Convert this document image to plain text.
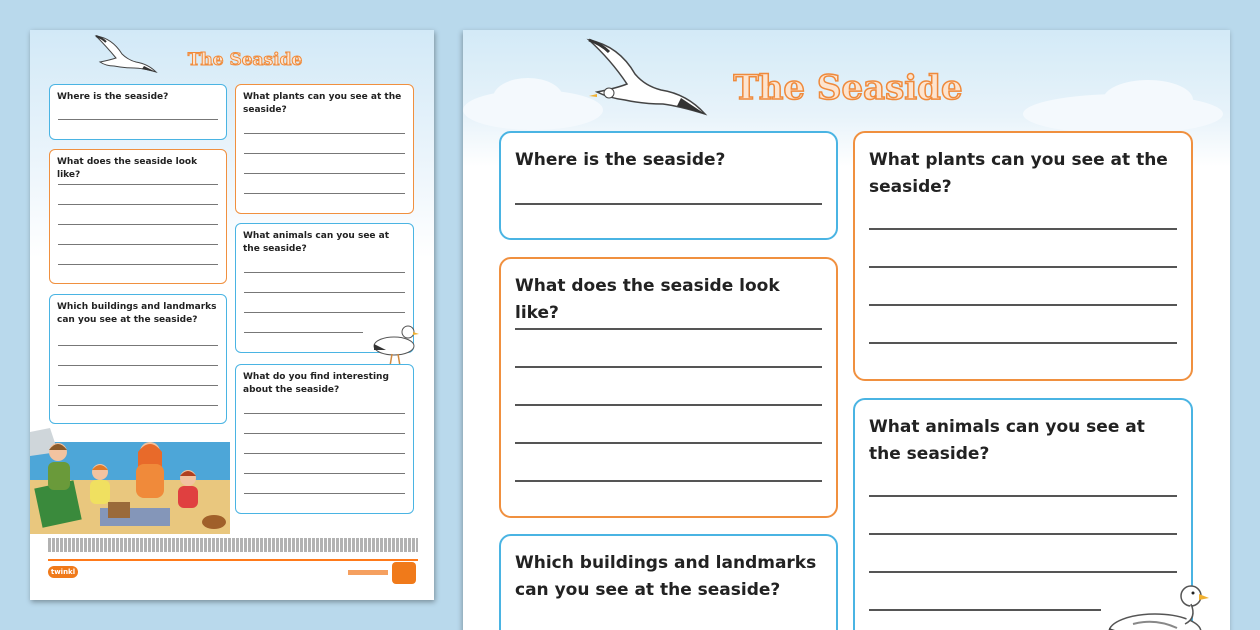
The Seaside
Where is the seaside?
What does the seaside look like?
Which buildings and landmarks can you see at the seaside?
What plants can you see at the seaside?
What animals can you see at the seaside?
What do you find interesting about the seaside?
twinkl
The Seaside
Where is the seaside?
What does the seaside look like?
Which buildings and landmarks can you see at the seaside?
What plants can you see at the seaside?
What animals can you see at the seaside?
